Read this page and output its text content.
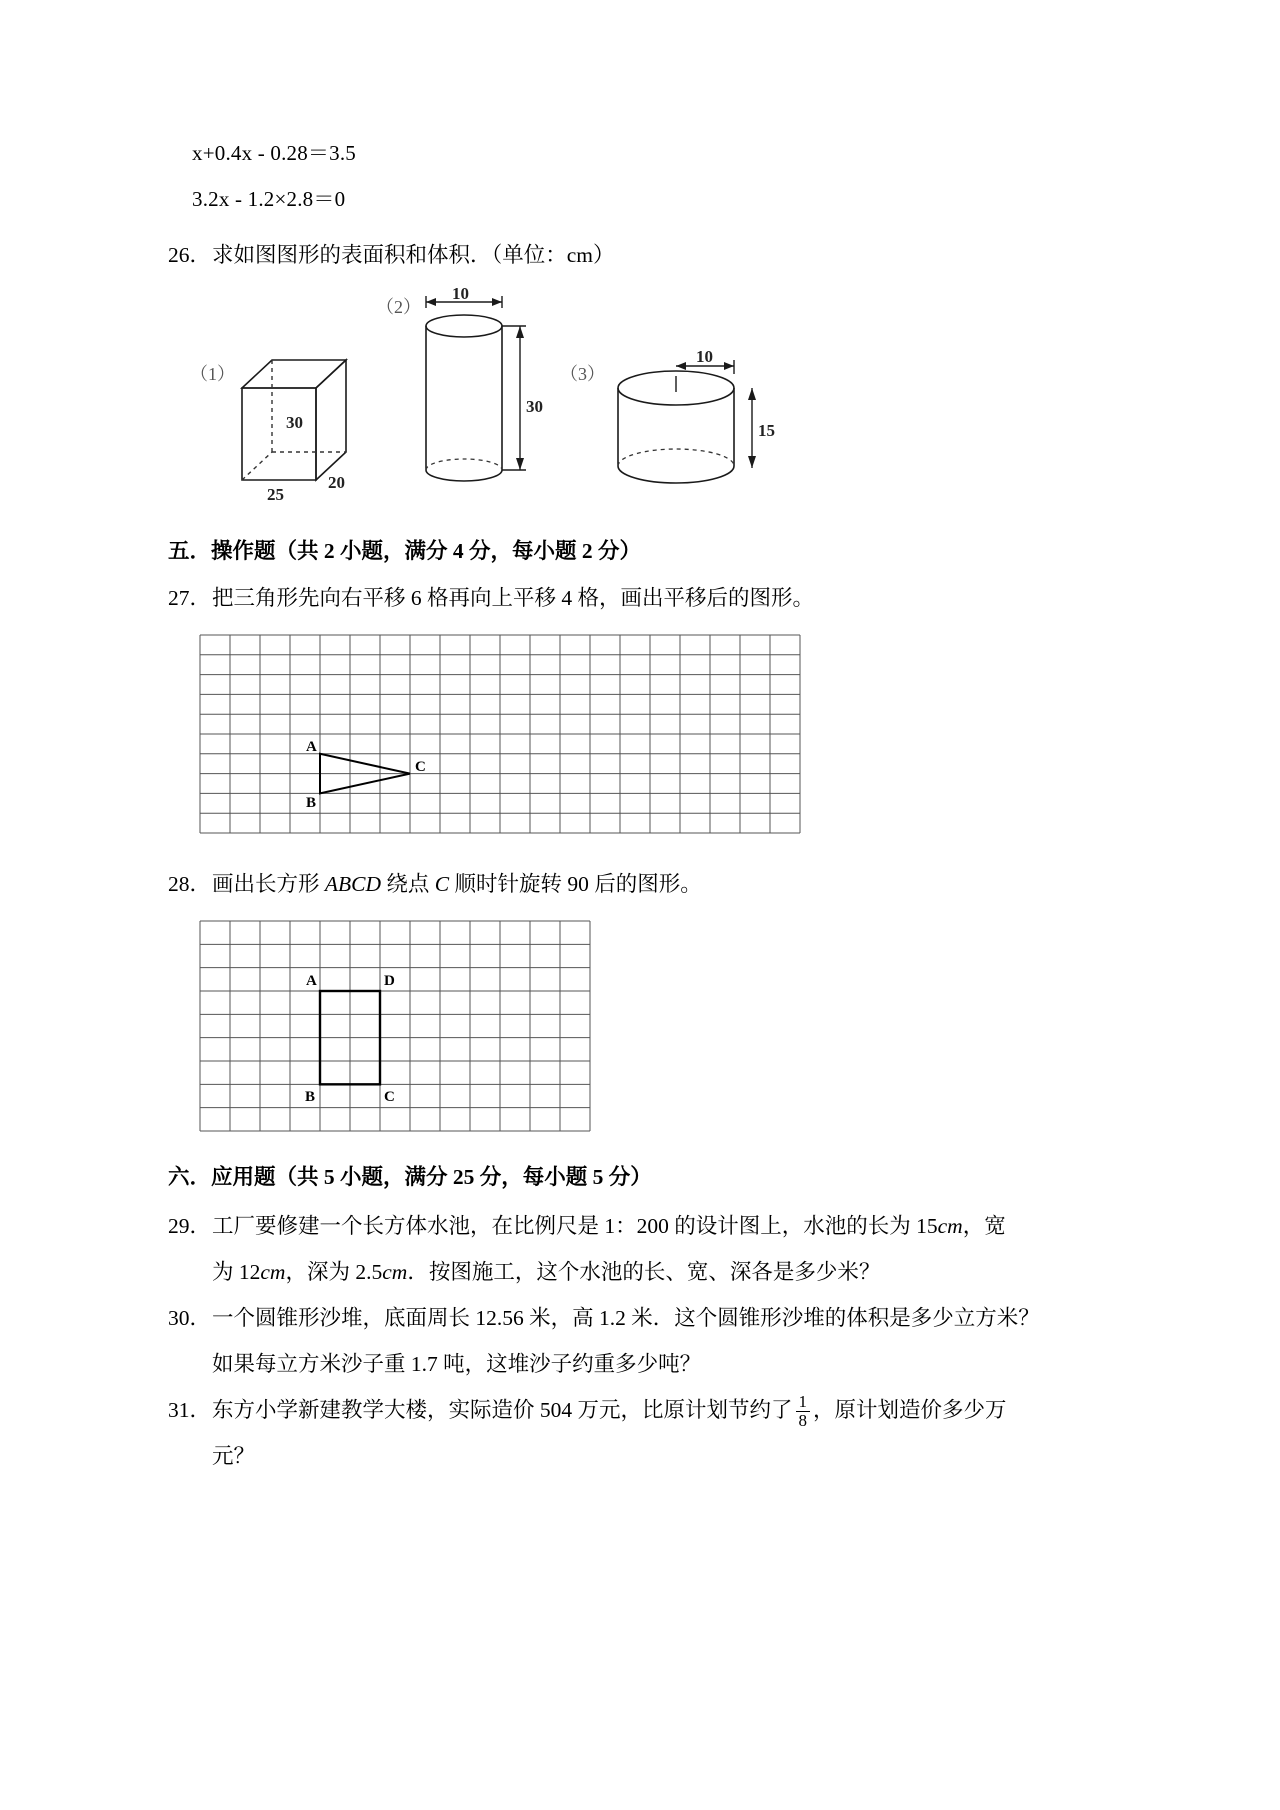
x+0.4x - 0.28＝3.5
3.2x - 1.2×2.8＝0
26．求如图图形的表面积和体积．（单位：cm）
（1）
30
25
20
（2）
10
30
（3）
10
15
五．操作题（共 2 小题，满分 4 分，每小题 2 分）
27．把三角形先向右平移 6 格再向上平移 4 格，画出平移后的图形。
A
B
C
28．画出长方形 ABCD 绕点 C 顺时针旋转 90 后的图形。
A	D
B	C
六．应用题（共 5 小题，满分 25 分，每小题 5 分）
29．工厂要修建一个长方体水池，在比例尺是 1：200 的设计图上，水池的长为 15cm，宽
为 12cm，深为 2.5cm．按图施工，这个水池的长、宽、深各是多少米？
30．一个圆锥形沙堆，底面周长 12.56 米，高 1.2 米．这个圆锥形沙堆的体积是多少立方米？
如果每立方米沙子重 1.7 吨，这堆沙子约重多少吨？
31．东方小学新建教学大楼，实际造价 504 万元，比原计划节约了 $\frac{1}{8}$ ，原计划造价多少万
元？
